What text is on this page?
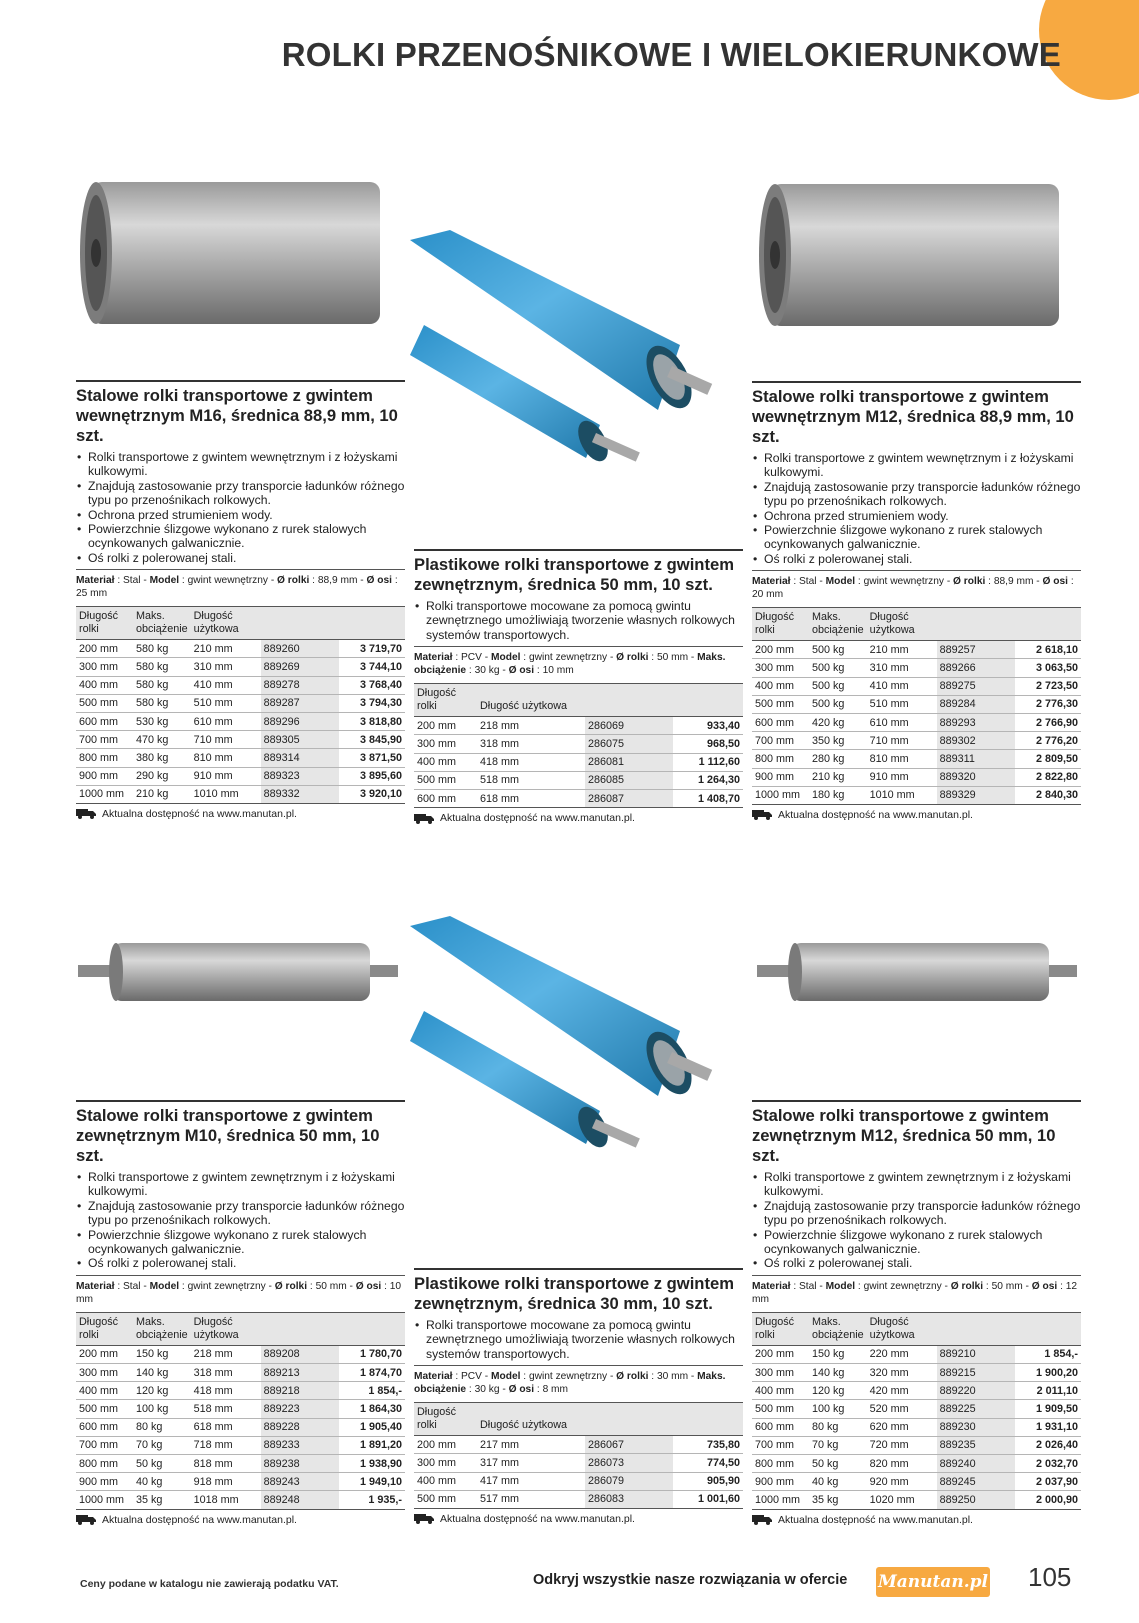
ROLKI PRZENOŚNIKOWE I WIELOKIERUNKOWE
Stalowe rolki transportowe z gwintem wewnętrznym M16, średnica 88,9 mm, 10 szt.
• Rolki transportowe z gwintem wewnętrznym i z łożyskami kulkowymi.
• Znajdują zastosowanie przy transporcie ładunków różnego typu po przenośnikach rolkowych.
• Ochrona przed strumieniem wody.
• Powierzchnie ślizgowe wykonano z rurek stalowych ocynkowanych galwanicznie.
• Oś rolki z polerowanej stali.
Materiał : Stal - Model : gwint wewnętrzny - Ø rolki : 88,9 mm - Ø osi : 25 mm
Długość rolki	Maks. obciążenie	Długość użytkowa		
200 mm	580 kg	210 mm	889260	3 719,70
300 mm	580 kg	310 mm	889269	3 744,10
400 mm	580 kg	410 mm	889278	3 768,40
500 mm	580 kg	510 mm	889287	3 794,30
600 mm	530 kg	610 mm	889296	3 818,80
700 mm	470 kg	710 mm	889305	3 845,90
800 mm	380 kg	810 mm	889314	3 871,50
900 mm	290 kg	910 mm	889323	3 895,60
1000 mm	210 kg	1010 mm	889332	3 920,10
Aktualna dostępność na www.manutan.pl.
Plastikowe rolki transportowe z gwintem zewnętrznym, średnica 50 mm, 10 szt.
• Rolki transportowe mocowane za pomocą gwintu zewnętrznego umożliwiają tworzenie własnych rolkowych systemów transportowych.
Materiał : PCV - Model : gwint zewnętrzny - Ø rolki : 50 mm - Maks. obciążenie : 30 kg - Ø osi : 10 mm
Długość rolki	Długość użytkowa		
200 mm	218 mm	286069	933,40
300 mm	318 mm	286075	968,50
400 mm	418 mm	286081	1 112,60
500 mm	518 mm	286085	1 264,30
600 mm	618 mm	286087	1 408,70
Aktualna dostępność na www.manutan.pl.
Stalowe rolki transportowe z gwintem wewnętrznym M12, średnica 88,9 mm, 10 szt.
• Rolki transportowe z gwintem wewnętrznym i z łożyskami kulkowymi.
• Znajdują zastosowanie przy transporcie ładunków różnego typu po przenośnikach rolkowych.
• Ochrona przed strumieniem wody.
• Powierzchnie ślizgowe wykonano z rurek stalowych ocynkowanych galwanicznie.
• Oś rolki z polerowanej stali.
Materiał : Stal - Model : gwint wewnętrzny - Ø rolki : 88,9 mm - Ø osi : 20 mm
Długość rolki	Maks. obciążenie	Długość użytkowa		
200 mm	500 kg	210 mm	889257	2 618,10
300 mm	500 kg	310 mm	889266	3 063,50
400 mm	500 kg	410 mm	889275	2 723,50
500 mm	500 kg	510 mm	889284	2 776,30
600 mm	420 kg	610 mm	889293	2 766,90
700 mm	350 kg	710 mm	889302	2 776,20
800 mm	280 kg	810 mm	889311	2 809,50
900 mm	210 kg	910 mm	889320	2 822,80
1000 mm	180 kg	1010 mm	889329	2 840,30
Aktualna dostępność na www.manutan.pl.
Stalowe rolki transportowe z gwintem zewnętrznym M10, średnica 50 mm, 10 szt.
• Rolki transportowe z gwintem zewnętrznym i z łożyskami kulkowymi.
• Znajdują zastosowanie przy transporcie ładunków różnego typu po przenośnikach rolkowych.
• Powierzchnie ślizgowe wykonano z rurek stalowych ocynkowanych galwanicznie.
• Oś rolki z polerowanej stali.
Materiał : Stal - Model : gwint zewnętrzny - Ø rolki : 50 mm - Ø osi : 10 mm
Długość rolki	Maks. obciążenie	Długość użytkowa		
200 mm	150 kg	218 mm	889208	1 780,70
300 mm	140 kg	318 mm	889213	1 874,70
400 mm	120 kg	418 mm	889218	1 854,-
500 mm	100 kg	518 mm	889223	1 864,30
600 mm	80 kg	618 mm	889228	1 905,40
700 mm	70 kg	718 mm	889233	1 891,20
800 mm	50 kg	818 mm	889238	1 938,90
900 mm	40 kg	918 mm	889243	1 949,10
1000 mm	35 kg	1018 mm	889248	1 935,-
Aktualna dostępność na www.manutan.pl.
Plastikowe rolki transportowe z gwintem zewnętrznym, średnica 30 mm, 10 szt.
• Rolki transportowe mocowane za pomocą gwintu zewnętrznego umożliwiają tworzenie własnych rolkowych systemów transportowych.
Materiał : PCV - Model : gwint zewnętrzny - Ø rolki : 30 mm - Maks. obciążenie : 30 kg - Ø osi : 8 mm
Długość rolki	Długość użytkowa		
200 mm	217 mm	286067	735,80
300 mm	317 mm	286073	774,50
400 mm	417 mm	286079	905,90
500 mm	517 mm	286083	1 001,60
Aktualna dostępność na www.manutan.pl.
Stalowe rolki transportowe z gwintem zewnętrznym M12, średnica 50 mm, 10 szt.
• Rolki transportowe z gwintem zewnętrznym i z łożyskami kulkowymi.
• Znajdują zastosowanie przy transporcie ładunków różnego typu po przenośnikach rolkowych.
• Powierzchnie ślizgowe wykonano z rurek stalowych ocynkowanych galwanicznie.
• Oś rolki z polerowanej stali.
Materiał : Stal - Model : gwint zewnętrzny - Ø rolki : 50 mm - Ø osi : 12 mm
Długość rolki	Maks. obciążenie	Długość użytkowa		
200 mm	150 kg	220 mm	889210	1 854,-
300 mm	140 kg	320 mm	889215	1 900,20
400 mm	120 kg	420 mm	889220	2 011,10
500 mm	100 kg	520 mm	889225	1 909,50
600 mm	80 kg	620 mm	889230	1 931,10
700 mm	70 kg	720 mm	889235	2 026,40
800 mm	50 kg	820 mm	889240	2 032,70
900 mm	40 kg	920 mm	889245	2 037,90
1000 mm	35 kg	1020 mm	889250	2 000,90
Aktualna dostępność na www.manutan.pl.
Ceny podane w katalogu nie zawierają podatku VAT.	Odkryj wszystkie nasze rozwiązania w ofercie Manutan.pl 105
